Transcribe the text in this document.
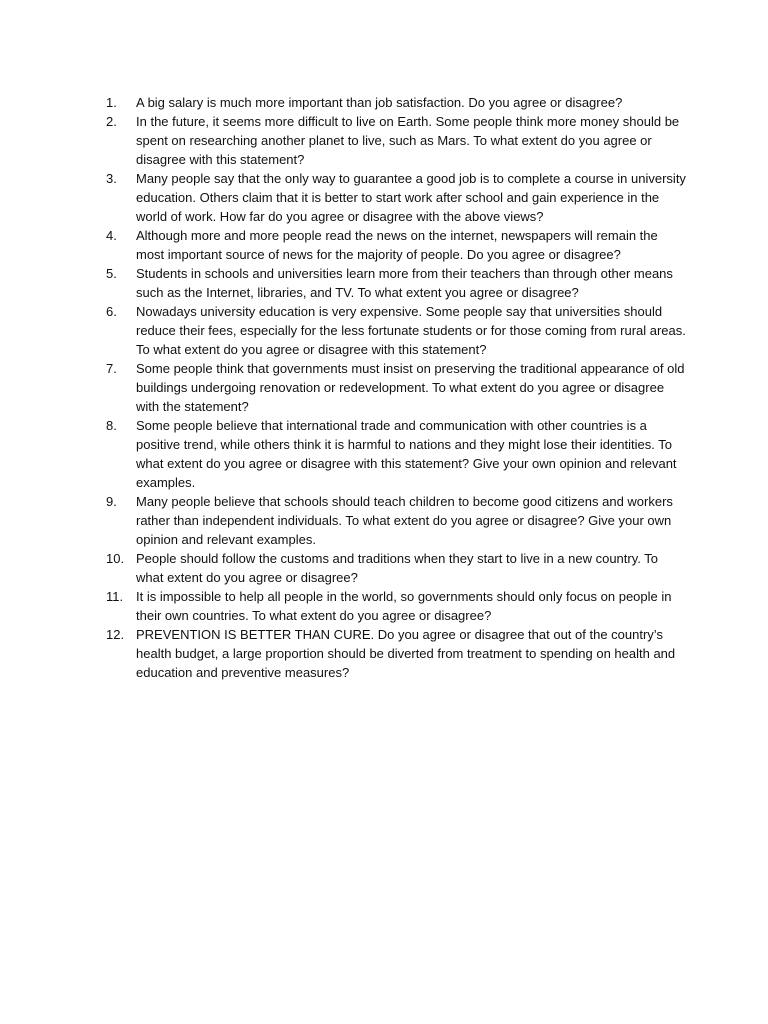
1. A big salary is much more important than job satisfaction. Do you agree or disagree?
2. In the future, it seems more difficult to live on Earth. Some people think more money should be spent on researching another planet to live, such as Mars. To what extent do you agree or disagree with this statement?
3. Many people say that the only way to guarantee a good job is to complete a course in university education. Others claim that it is better to start work after school and gain experience in the world of work. How far do you agree or disagree with the above views?
4. Although more and more people read the news on the internet, newspapers will remain the most important source of news for the majority of people. Do you agree or disagree?
5. Students in schools and universities learn more from their teachers than through other means such as the Internet, libraries, and TV. To what extent you agree or disagree?
6. Nowadays university education is very expensive. Some people say that universities should reduce their fees, especially for the less fortunate students or for those coming from rural areas. To what extent do you agree or disagree with this statement?
7. Some people think that governments must insist on preserving the traditional appearance of old buildings undergoing renovation or redevelopment. To what extent do you agree or disagree with the statement?
8. Some people believe that international trade and communication with other countries is a positive trend, while others think it is harmful to nations and they might lose their identities. To what extent do you agree or disagree with this statement? Give your own opinion and relevant examples.
9. Many people believe that schools should teach children to become good citizens and workers rather than independent individuals. To what extent do you agree or disagree? Give your own opinion and relevant examples.
10. People should follow the customs and traditions when they start to live in a new country. To what extent do you agree or disagree?
11. It is impossible to help all people in the world, so governments should only focus on people in their own countries. To what extent do you agree or disagree?
12. PREVENTION IS BETTER THAN CURE. Do you agree or disagree that out of the country’s health budget, a large proportion should be diverted from treatment to spending on health and education and preventive measures?
